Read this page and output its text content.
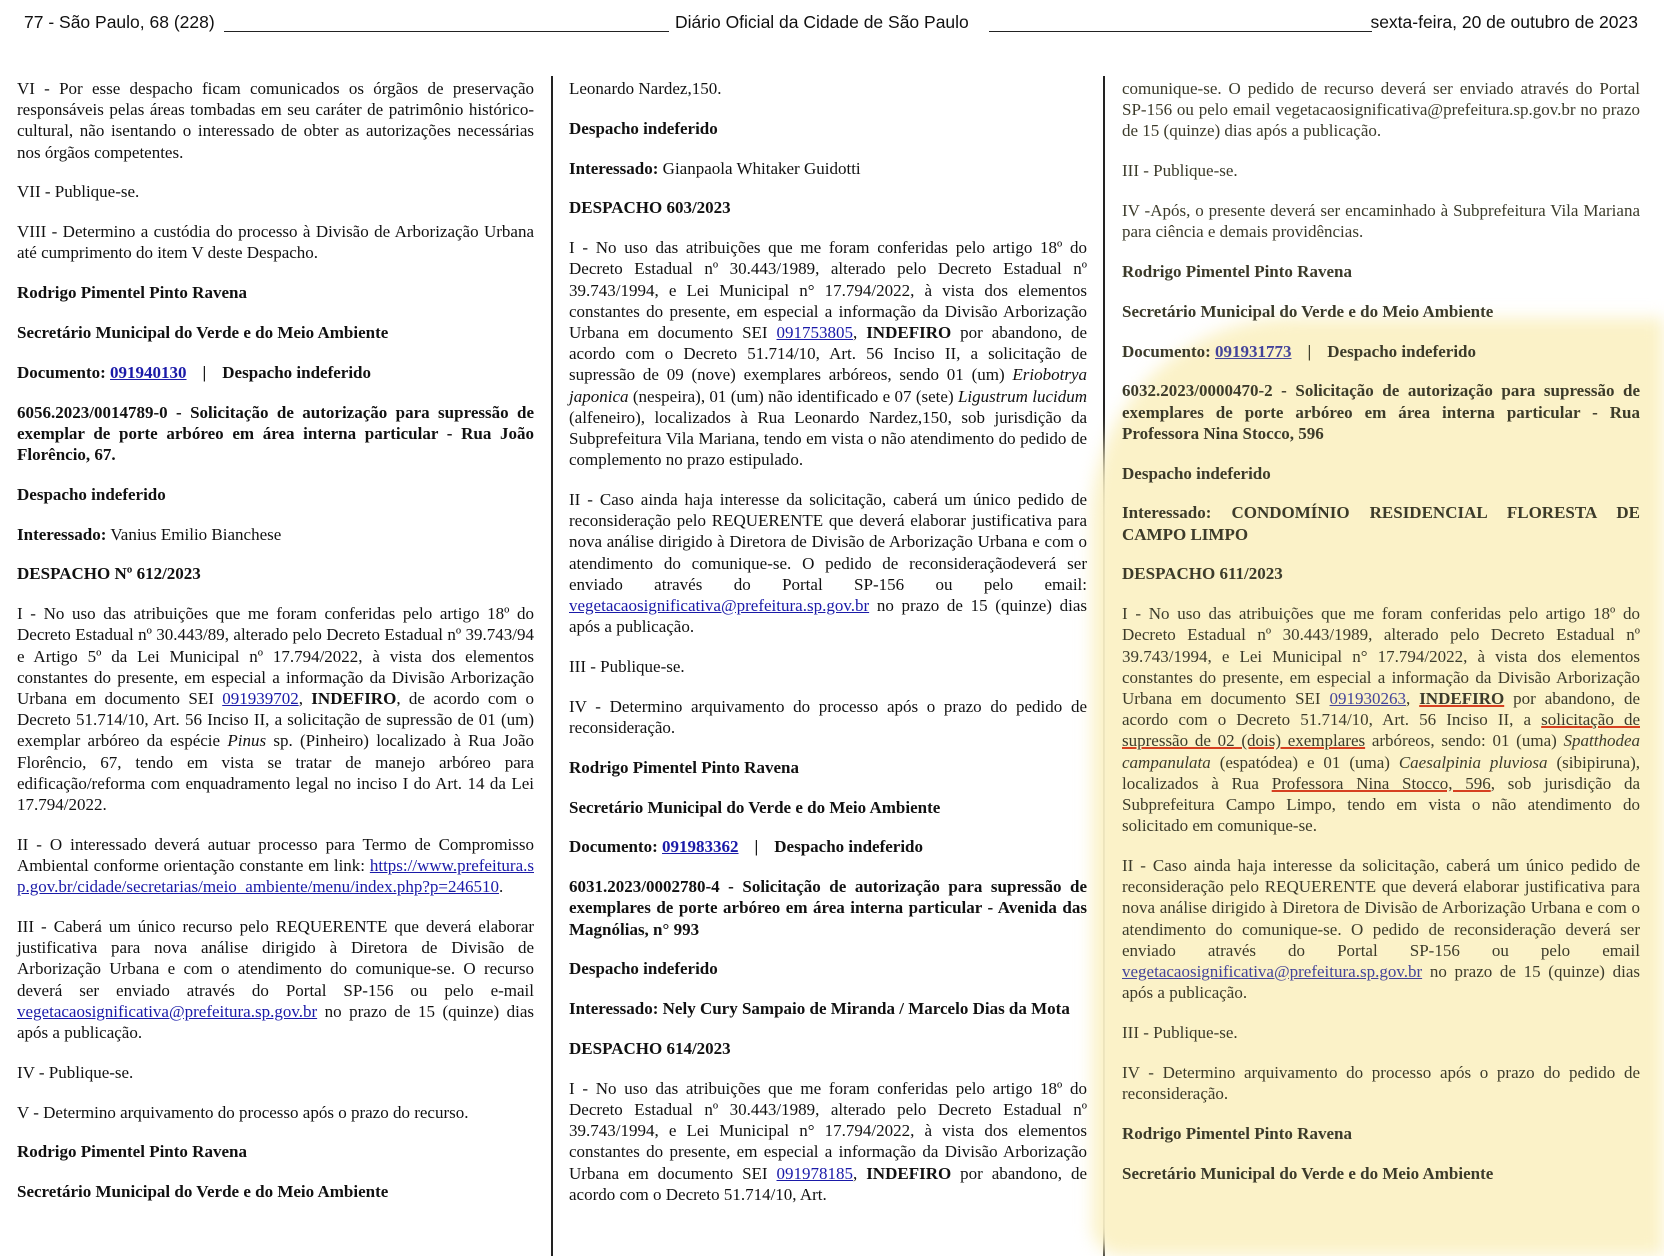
77 - São Paulo, 68 (228)	Diário Oficial da Cidade de São Paulo	sexta-feira, 20 de outubro de 2023

VI - Por esse despacho ficam comunicados os órgãos de preservação responsáveis pelas áreas tombadas em seu caráter de patrimônio histórico-cultural, não isentando o interessado de obter as autorizações necessárias nos órgãos competentes.

VII - Publique-se.

VIII - Determino a custódia do processo à Divisão de Arborização Urbana até cumprimento do item V deste Despacho.

Rodrigo Pimentel Pinto Ravena

Secretário Municipal do Verde e do Meio Ambiente

Documento: 091940130 | Despacho indeferido

6056.2023/0014789-0 - Solicitação de autorização para supressão de exemplar de porte arbóreo em área interna particular - Rua João Florêncio, 67.

Despacho indeferido

Interessado: Vanius Emilio Bianchese

DESPACHO Nº 612/2023

I - No uso das atribuições que me foram conferidas pelo artigo 18º do Decreto Estadual nº 30.443/89, alterado pelo Decreto Estadual nº 39.743/94 e Artigo 5º da Lei Municipal nº 17.794/2022, à vista dos elementos constantes do presente, em especial a informação da Divisão Arborização Urbana em documento SEI 091939702, INDEFIRO, de acordo com o Decreto 51.714/10, Art. 56 Inciso II, a solicitação de supressão de 01 (um) exemplar arbóreo da espécie Pinus sp. (Pinheiro) localizado à Rua João Florêncio, 67, tendo em vista se tratar de manejo arbóreo para edificação/reforma com enquadramento legal no inciso I do Art. 14 da Lei 17.794/2022.

II - O interessado deverá autuar processo para Termo de Compromisso Ambiental conforme orientação constante em link: https://www.prefeitura.sp.gov.br/cidade/secretarias/meio_ambiente/menu/index.php?p=246510.

III - Caberá um único recurso pelo REQUERENTE que deverá elaborar justificativa para nova análise dirigido à Diretora de Divisão de Arborização Urbana e com o atendimento do comunique-se. O recurso deverá ser enviado através do Portal SP-156 ou pelo e-mail vegetacaosignificativa@prefeitura.sp.gov.br no prazo de 15 (quinze) dias após a publicação.

IV - Publique-se.

V - Determino arquivamento do processo após o prazo do recurso.

Rodrigo Pimentel Pinto Ravena

Secretário Municipal do Verde e do Meio Ambiente

Leonardo Nardez,150.

Despacho indeferido

Interessado: Gianpaola Whitaker Guidotti

DESPACHO 603/2023

I - No uso das atribuições que me foram conferidas pelo artigo 18º do Decreto Estadual nº 30.443/1989, alterado pelo Decreto Estadual nº 39.743/1994, e Lei Municipal n° 17.794/2022, à vista dos elementos constantes do presente, em especial a informação da Divisão Arborização Urbana em documento SEI 091753805, INDEFIRO por abandono, de acordo com o Decreto 51.714/10, Art. 56 Inciso II, a solicitação de supressão de 09 (nove) exemplares arbóreos, sendo 01 (um) Eriobotrya japonica (nespeira), 01 (um) não identificado e 07 (sete) Ligustrum lucidum (alfeneiro), localizados à Rua Leonardo Nardez,150, sob jurisdição da Subprefeitura Vila Mariana, tendo em vista o não atendimento do pedido de complemento no prazo estipulado.

II - Caso ainda haja interesse da solicitação, caberá um único pedido de reconsideração pelo REQUERENTE que deverá elaborar justificativa para nova análise dirigido à Diretora de Divisão de Arborização Urbana e com o atendimento do comunique-se. O pedido de reconsideraçãodeverá ser enviado através do Portal SP-156 ou pelo email: vegetacaosignificativa@prefeitura.sp.gov.br no prazo de 15 (quinze) dias após a publicação.

III - Publique-se.

IV - Determino arquivamento do processo após o prazo do pedido de reconsideração.

Rodrigo Pimentel Pinto Ravena

Secretário Municipal do Verde e do Meio Ambiente

Documento: 091983362 | Despacho indeferido

6031.2023/0002780-4 - Solicitação de autorização para supressão de exemplares de porte arbóreo em área interna particular - Avenida das Magnólias, n° 993

Despacho indeferido

Interessado: Nely Cury Sampaio de Miranda / Marcelo Dias da Mota

DESPACHO 614/2023

I - No uso das atribuições que me foram conferidas pelo artigo 18º do Decreto Estadual nº 30.443/1989, alterado pelo Decreto Estadual nº 39.743/1994, e Lei Municipal n° 17.794/2022, à vista dos elementos constantes do presente, em especial a informação da Divisão Arborização Urbana em documento SEI 091978185, INDEFIRO por abandono, de acordo com o Decreto 51.714/10, Art.

comunique-se. O pedido de recurso deverá ser enviado através do Portal SP-156 ou pelo email vegetacaosignificativa@prefeitura.sp.gov.br no prazo de 15 (quinze) dias após a publicação.

III - Publique-se.

IV -Após, o presente deverá ser encaminhado à Subprefeitura Vila Mariana para ciência e demais providências.

Rodrigo Pimentel Pinto Ravena

Secretário Municipal do Verde e do Meio Ambiente

Documento: 091931773 | Despacho indeferido

6032.2023/0000470-2 - Solicitação de autorização para supressão de exemplares de porte arbóreo em área interna particular - Rua Professora Nina Stocco, 596

Despacho indeferido

Interessado: CONDOMÍNIO RESIDENCIAL FLORESTA DE CAMPO LIMPO

DESPACHO 611/2023

I - No uso das atribuições que me foram conferidas pelo artigo 18º do Decreto Estadual nº 30.443/1989, alterado pelo Decreto Estadual nº 39.743/1994, e Lei Municipal n° 17.794/2022, à vista dos elementos constantes do presente, em especial a informação da Divisão Arborização Urbana em documento SEI 091930263, INDEFIRO por abandono, de acordo com o Decreto 51.714/10, Art. 56 Inciso II, a solicitação de supressão de 02 (dois) exemplares arbóreos, sendo: 01 (uma) Spatthodea campanulata (espatódea) e 01 (uma) Caesalpinia pluviosa (sibipiruna), localizados à Rua Professora Nina Stocco, 596, sob jurisdição da Subprefeitura Campo Limpo, tendo em vista o não atendimento do solicitado em comunique-se.

II - Caso ainda haja interesse da solicitação, caberá um único pedido de reconsideração pelo REQUERENTE que deverá elaborar justificativa para nova análise dirigido à Diretora de Divisão de Arborização Urbana e com o atendimento do comunique-se. O pedido de reconsideração deverá ser enviado através do Portal SP-156 ou pelo email vegetacaosignificativa@prefeitura.sp.gov.br no prazo de 15 (quinze) dias após a publicação.

III - Publique-se.

IV - Determino arquivamento do processo após o prazo do pedido de reconsideração.

Rodrigo Pimentel Pinto Ravena

Secretário Municipal do Verde e do Meio Ambiente
